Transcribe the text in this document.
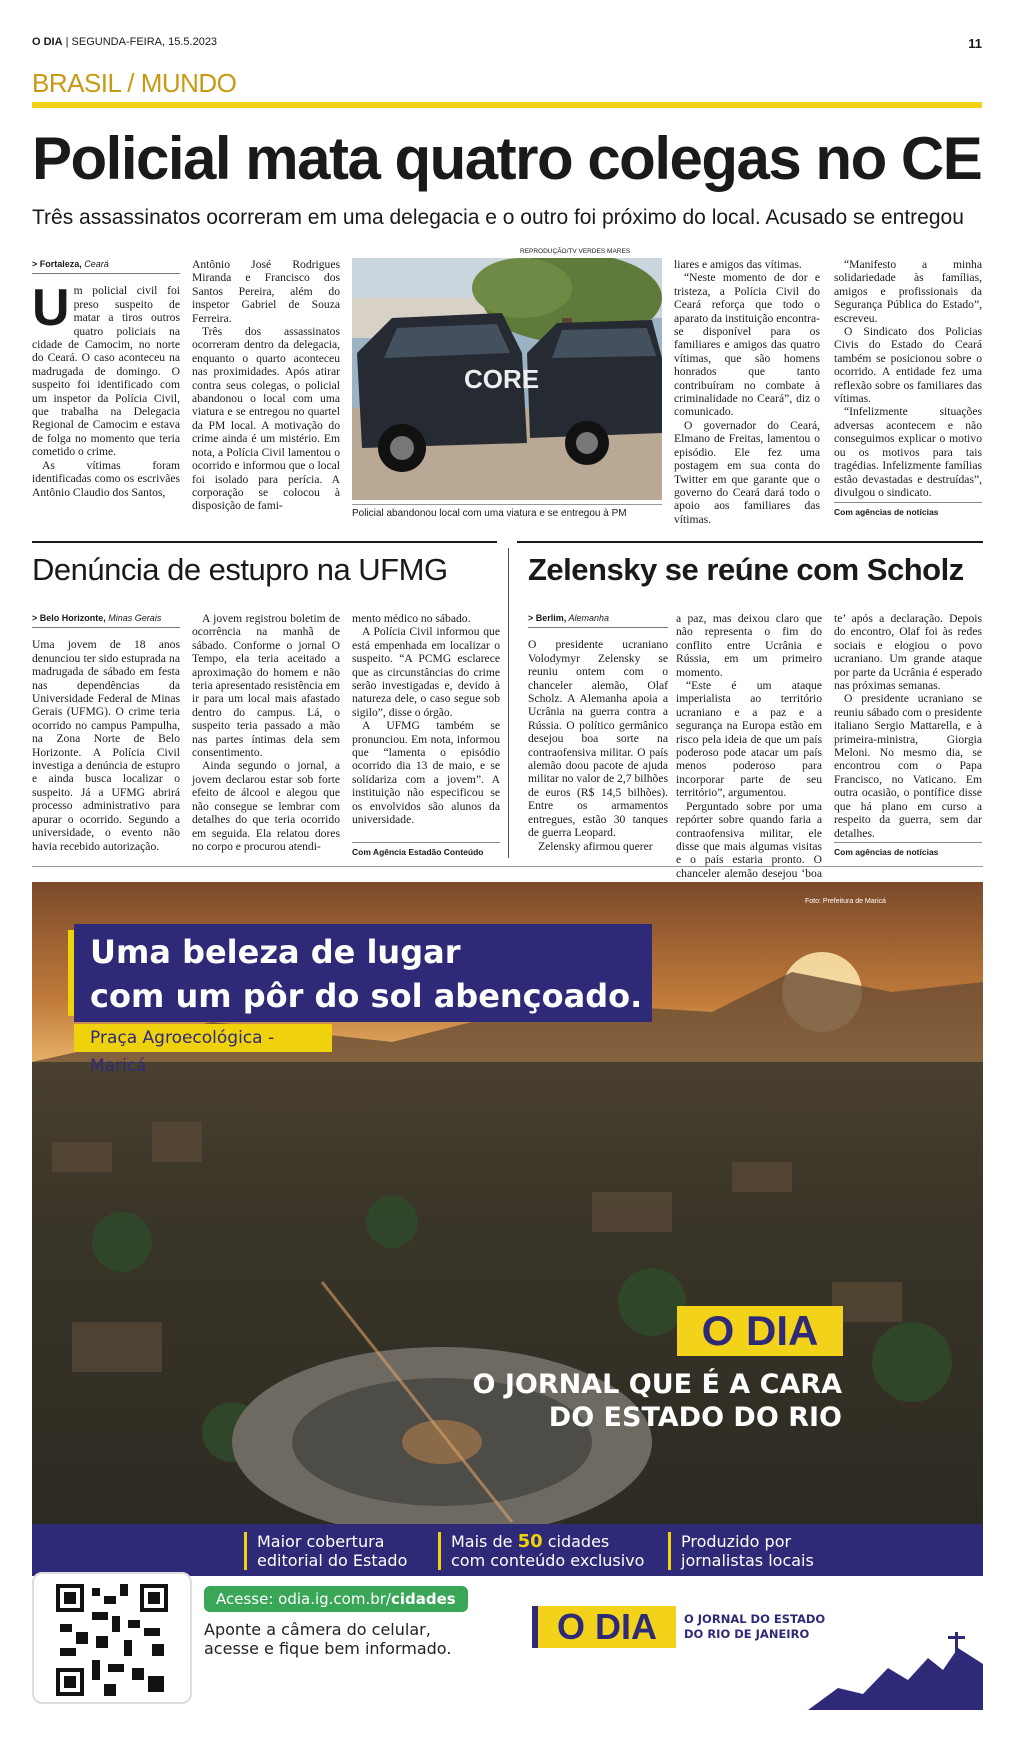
O DIA | SEGUNDA-FEIRA, 15.5.2023	11
BRASIL / MUNDO
Policial mata quatro colegas no CE
Três assassinatos ocorreram em uma delegacia e o outro foi próximo do local. Acusado se entregou
> Fortaleza, Ceará
U m policial civil foi preso suspeito de matar a tiros outros quatro policiais na cidade de Camocim, no norte do Ceará. O caso aconteceu na madrugada de domingo. O suspeito foi identificado com um inspetor da Polícia Civil, que trabalha na Delegacia Regional de Camocim e estava de folga no momento que teria cometido o crime.

As vítimas foram identificadas como os escrivães Antônio Claudio dos Santos,

Antônio José Rodrigues Miranda e Francisco dos Santos Pereira, além do inspetor Gabriel de Souza Ferreira.

Três dos assassinatos ocorreram dentro da delegacia, enquanto o quarto aconteceu nas proximidades. Após atirar contra seus colegas, o policial abandonou o local com uma viatura e se entregou no quartel da PM local. A motivação do crime ainda é um mistério. Em nota, a Polícia Civil lamentou o ocorrido e informou que o local foi isolado para perícia. A corporação se colocou à disposição de fami-

REPRODUÇÃO/TV VERDES MARES
CORE
Policial abandonou local com uma viatura e se entregou à PM
liares e amigos das vítimas.

“Neste momento de dor e tristeza, a Polícia Civil do Ceará reforça que todo o aparato da instituição encontra-se disponível para os familiares e amigos das quatro vítimas, que são homens honrados que tanto contribuíram no combate à criminalidade no Ceará”, diz o comunicado.

O governador do Ceará, Elmano de Freitas, lamentou o episódio. Ele fez uma postagem em sua conta do Twitter em que garante que o governo do Ceará dará todo o apoio aos familiares das vítimas.

“Manifesto a minha solidariedade às famílias, amigos e profissionais da Segurança Pública do Estado”, escreveu.

O Sindicato dos Policias Civis do Estado do Ceará também se posicionou sobre o ocorrido. A entidade fez uma reflexão sobre os familiares das vítimas.

“Infelizmente situações adversas acontecem e não conseguimos explicar o motivo ou os motivos para tais tragédias. Infelizmente famílias estão devastadas e destruídas”, divulgou o sindicato.

Com agências de notícias
Denúncia de estupro na UFMG
> Belo Horizonte, Minas Gerais
Uma jovem de 18 anos denunciou ter sido estuprada na madrugada de sábado em festa nas dependências da Universidade Federal de Minas Gerais (UFMG). O crime teria ocorrido no campus Pampulha, na Zona Norte de Belo Horizonte. A Polícia Civil investiga a denúncia de estupro e ainda busca localizar o suspeito. Já a UFMG abrirá processo administrativo para apurar o ocorrido. Segundo a universidade, o evento não havia recebido autorização.

A jovem registrou boletim de ocorrência na manhã de sábado. Conforme o jornal O Tempo, ela teria aceitado a aproximação do homem e não teria apresentado resistência em ir para um local mais afastado dentro do campus. Lá, o suspeito teria passado a mão nas partes íntimas dela sem consentimento.

Ainda segundo o jornal, a jovem declarou estar sob forte efeito de álcool e alegou que não consegue se lembrar com detalhes do que teria ocorrido em seguida. Ela relatou dores no corpo e procurou atendi-

mento médico no sábado.

A Polícia Civil informou que está empenhada em localizar o suspeito. “A PCMG esclarece que as circunstâncias do crime serão investigadas e, devido à natureza dele, o caso segue sob sigilo”, disse o órgão.

A UFMG também se pronunciou. Em nota, informou que “lamenta o episódio ocorrido dia 13 de maio, e se solidariza com a jovem”. A instituição não especificou se os envolvidos são alunos da universidade.

Com Agência Estadão Conteúdo
Zelensky se reúne com Scholz
> Berlim, Alemanha
O presidente ucraniano Volodymyr Zelensky se reuniu ontem com o chanceler alemão, Olaf Scholz. A Alemanha apoia a Ucrânia na guerra contra a Rússia. O político germânico desejou boa sorte na contraofensiva militar. O país alemão doou pacote de ajuda militar no valor de 2,7 bilhões de euros (R$ 14,5 bilhões). Entre os armamentos entregues, estão 30 tanques de guerra Leopard.

Zelensky afirmou querer

a paz, mas deixou claro que não representa o fim do conflito entre Ucrânia e Rússia, em um primeiro momento.

“Este é um ataque imperialista ao território ucraniano e a paz e a segurança na Europa estão em risco pela ideia de que um país poderoso pode atacar um país menos poderoso para incorporar parte de seu território”, argumentou.

Perguntado sobre por uma repórter sobre quando faria a contraofensiva militar, ele disse que mais algumas visitas e o país estaria pronto. O chanceler alemão desejou ‘boa

te’ após a declaração. Depois do encontro, Olaf foi às redes sociais e elogiou o povo ucraniano. Um grande ataque por parte da Ucrânia é esperado nas próximas semanas.

O presidente ucraniano se reuniu sábado com o presidente italiano Sergio Mattarella, e à primeira-ministra, Giorgia Meloni. No mesmo dia, se encontrou com o Papa Francisco, no Vaticano. Em outra ocasião, o pontífice disse que há plano em curso a respeito da guerra, sem dar detalhes.

Com agências de notícias
Uma beleza de lugar
com um pôr do sol abençoado.
Praça Agroecológica - Maricá
Foto: Prefeitura de Maricá
O DIA
O JORNAL QUE É A CARA
DO ESTADO DO RIO
Maior cobertura
editorial do Estado
Mais de 50 cidades
com conteúdo exclusivo
Produzido por
jornalistas locais
Acesse: odia.ig.com.br/cidades
Aponte a câmera do celular,
acesse e fique bem informado.
O DIA	O JORNAL DO ESTADO
DO RIO DE JANEIRO
